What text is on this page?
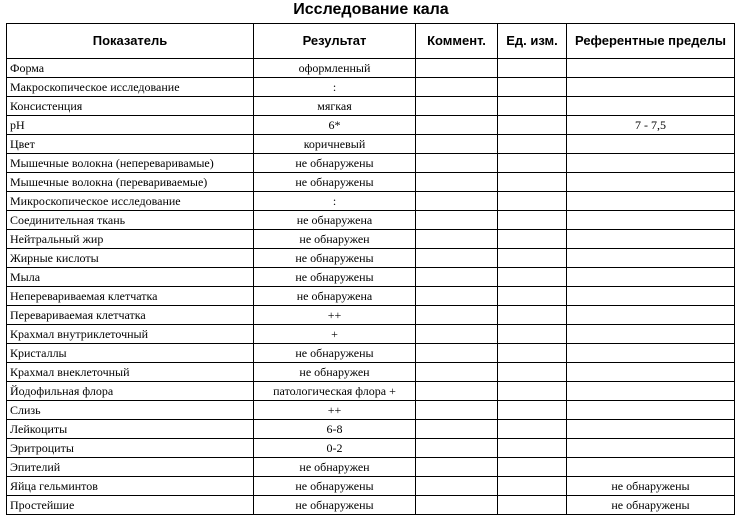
Исследование кала
Показатель	Результат	Коммент.	Ед. изм.	Референтные пределы
Форма	оформленный			
Макроскопическое исследование	:			
Консистенция	мягкая			
pH	6*			7 - 7,5
Цвет	коричневый			
Мышечные волокна (непереваривамые)	не обнаружены			
Мышечные волокна (перевариваемые)	не обнаружены			
Микроскопическое исследование	:			
Соединительная ткань	не обнаружена			
Нейтральный жир	не обнаружен			
Жирные кислоты	не обнаружены			
Мыла	не обнаружены			
Неперевариваемая клетчатка	не обнаружена			
Перевариваемая клетчатка	++			
Крахмал внутриклеточный	+			
Кристаллы	не обнаружены			
Крахмал внеклеточный	не обнаружен			
Йодофильная флора	патологическая флора +			
Слизь	++			
Лейкоциты	6-8			
Эритроциты	0-2			
Эпителий	не обнаружен			
Яйца гельминтов	не обнаружены			не обнаружены
Простейшие	не обнаружены			не обнаружены
